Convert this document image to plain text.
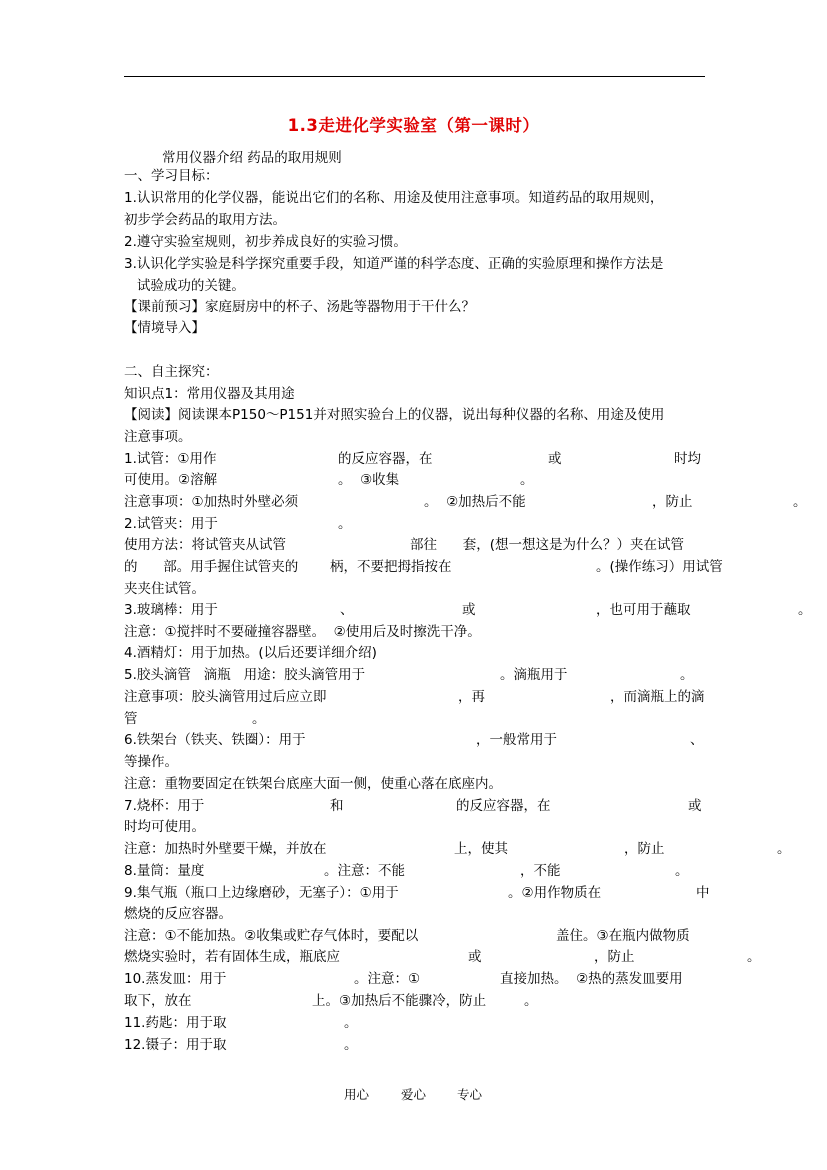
1.3走进化学实验室（第一课时）
常用仪器介绍 药品的取用规则
一、学习目标：
1.认识常用的化学仪器，能说出它们的名称、用途及使用注意事项。知道药品的取用规则，
初步学会药品的取用方法。
2.遵守实验室规则，初步养成良好的实验习惯。
3.认识化学实验是科学探究重要手段，知道严谨的科学态度、正确的实验原理和操作方法是
试验成功的关键。
【课前预习】家庭厨房中的杯子、汤匙等器物用于干什么？
【情境导入】
二、自主探究：
知识点1：常用仪器及其用途
【阅读】阅读课本P150～P151并对照实验台上的仪器，说出每种仪器的名称、用途及使用
注意事项。
1.试管：①用作
可使用。②溶解
注意事项：①加热时外壁必须
2.试管夹：用于
使用方法：将试管夹从试管
的      部。用手握住试管夹的
夹夹住试管。
3.玻璃棒：用于
注意：①搅拌时不要碰撞容器壁。  ②使用后及时擦洗干净。
4.酒精灯：用于加热。(以后还要详细介绍)
5.胶头滴管   滴瓶   用途：胶头滴管用于
注意事项：胶头滴管用过后应立即
管
6.铁架台（铁夹、铁圈）：用于
等操作。
注意：重物要固定在铁架台底座大面一侧，使重心落在底座内。
7.烧杯：用于
时均可使用。
注意：加热时外壁要干燥，并放在
8.量筒：量度
9.集气瓶（瓶口上边缘磨砂，无塞子）：①用于
燃烧的反应容器。
注意：①不能加热。②收集或贮存气体时，要配以
燃烧实验时，若有固体生成，瓶底应
10.蒸发皿：用于
取下，放在
11.药匙：用于取
12.镊子：用于取
的反应容器，在	或	时均
。  ③收集	。
。  ②加热后不能	，防止	。
。
部往      套，(想一想这是为什么？）夹在试管
柄，不要把拇指按在	。(操作练习）用试管
、	或	，也可用于蘸取	。
。滴瓶用于	。
，再	，而滴瓶上的滴
。
，一般常用于	、
和	的反应容器，在	或
上，使其	，防止	。
。注意：不能	，不能	。
。②用作物质在	中
盖住。③在瓶内做物质
或	，防止	。
。注意：①	直接加热。  ②热的蒸发皿要用
上。③加热后不能骤冷，防止	。
。
。
用心	爱心 专心
